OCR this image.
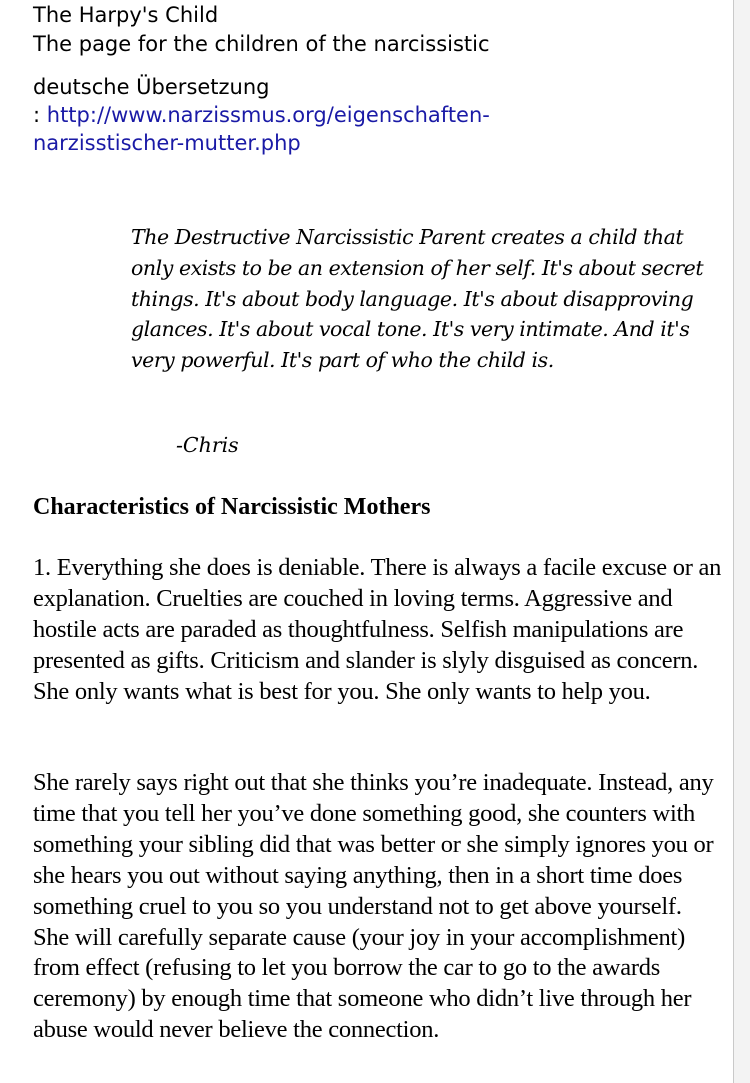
The Harpy's Child

The page for the children of the narcissistic

deutsche Übersetzung

: http://www.narzissmus.org/eigenschaften-

narzisstischer-mutter.php

The Destructive Narcissistic Parent creates a child that only exists to be an extension of her self. It's about secret things. It's about body language. It's about disapproving glances. It's about vocal tone. It's very intimate. And it's very powerful. It's part of who the child is.

-Chris

Characteristics of Narcissistic Mothers

1. Everything she does is deniable. There is always a facile excuse or an explanation. Cruelties are couched in loving terms. Aggressive and hostile acts are paraded as thoughtfulness. Selfish manipulations are presented as gifts. Criticism and slander is slyly disguised as concern. She only wants what is best for you. She only wants to help you.

She rarely says right out that she thinks you’re inadequate. Instead, any time that you tell her you’ve done something good, she counters with something your sibling did that was better or she simply ignores you or she hears you out without saying anything, then in a short time does something cruel to you so you understand not to get above yourself. She will carefully separate cause (your joy in your accomplishment) from effect (refusing to let you borrow the car to go to the awards ceremony) by enough time that someone who didn’t live through her abuse would never believe the connection.
